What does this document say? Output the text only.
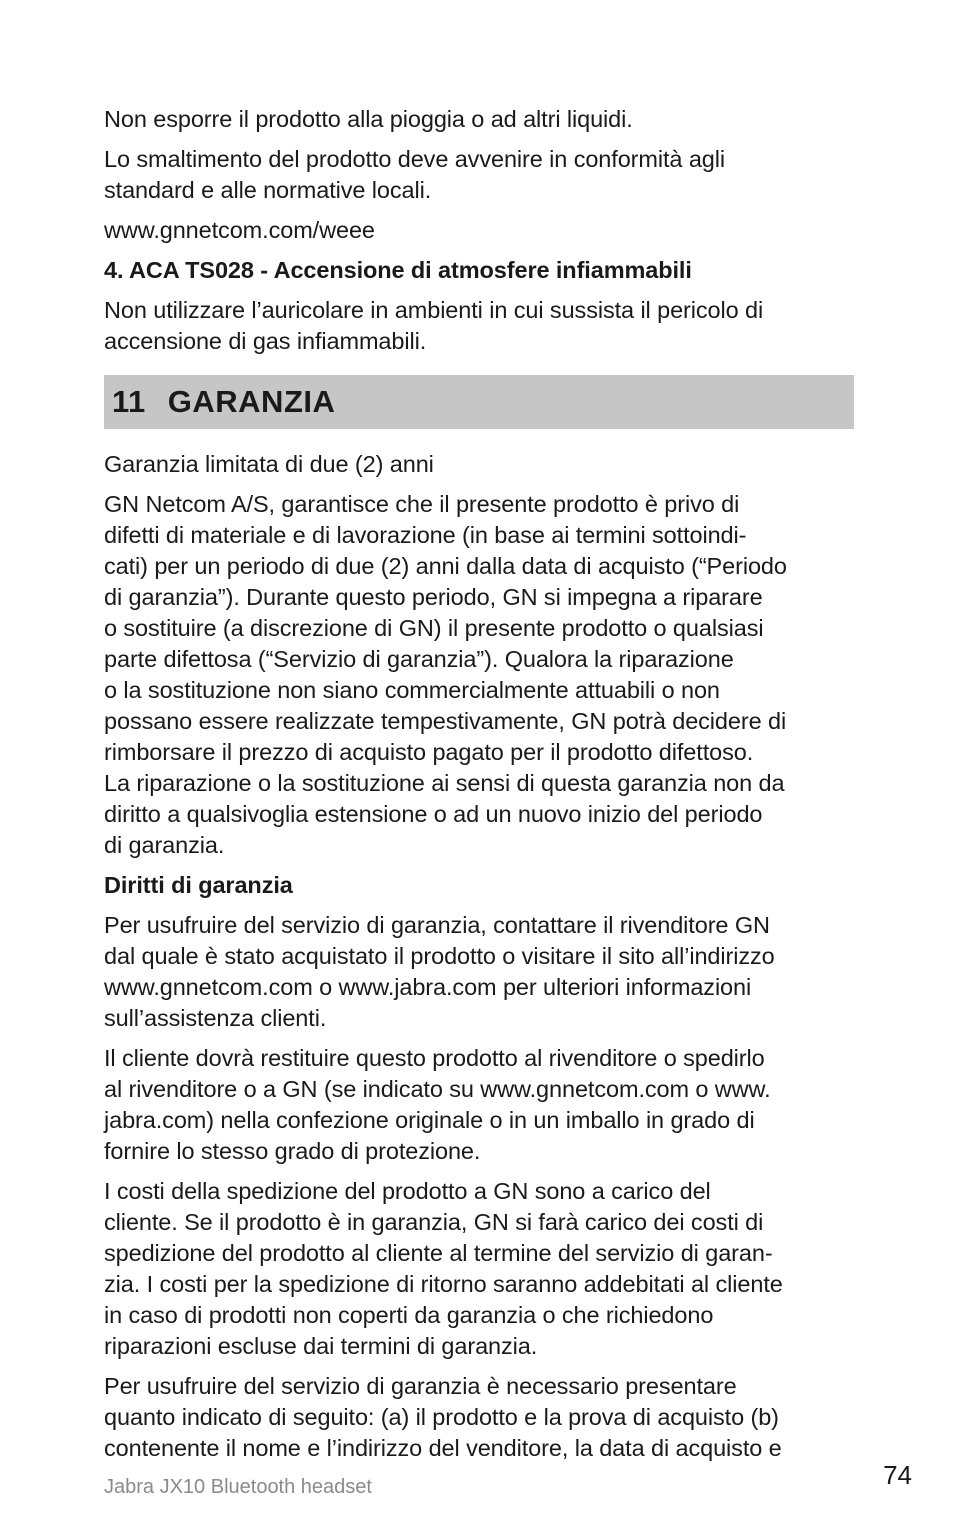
Non esporre il prodotto alla pioggia o ad altri liquidi.
Lo smaltimento del prodotto deve avvenire in conformità agli
standard e alle normative locali.
www.gnnetcom.com/weee
4. ACA TS028 - Accensione di atmosfere infiammabili
Non utilizzare l’auricolare in ambienti in cui sussista il pericolo di
accensione di gas infiammabili.
11 GARANZIA
Garanzia limitata di due (2) anni
GN Netcom A/S, garantisce che il presente prodotto è privo di
difetti di materiale e di lavorazione (in base ai termini sottoindi-
cati) per un periodo di due (2) anni dalla data di acquisto (“Periodo
di garanzia”). Durante questo periodo, GN si impegna a riparare
o sostituire (a discrezione di GN) il presente prodotto o qualsiasi
parte difettosa (“Servizio di garanzia”). Qualora la riparazione
o la sostituzione non siano commercialmente attuabili o non
possano essere realizzate tempestivamente, GN potrà decidere di
rimborsare il prezzo di acquisto pagato per il prodotto difettoso.
La riparazione o la sostituzione ai sensi di questa garanzia non da
diritto a qualsivoglia estensione o ad un nuovo inizio del periodo
di garanzia.
Diritti di garanzia
Per usufruire del servizio di garanzia, contattare il rivenditore GN
dal quale è stato acquistato il prodotto o visitare il sito all’indirizzo
www.gnnetcom.com o www.jabra.com per ulteriori informazioni
sull’assistenza clienti.
Il cliente dovrà restituire questo prodotto al rivenditore o spedirlo
al rivenditore o a GN (se indicato su www.gnnetcom.com o www.
jabra.com) nella confezione originale o in un imballo in grado di
fornire lo stesso grado di protezione.
I costi della spedizione del prodotto a GN sono a carico del
cliente. Se il prodotto è in garanzia, GN si farà carico dei costi di
spedizione del prodotto al cliente al termine del servizio di garan-
zia. I costi per la spedizione di ritorno saranno addebitati al cliente
in caso di prodotti non coperti da garanzia o che richiedono
riparazioni escluse dai termini di garanzia.
Per usufruire del servizio di garanzia è necessario presentare
quanto indicato di seguito: (a) il prodotto e la prova di acquisto (b)
contenente il nome e l’indirizzo del venditore, la data di acquisto e
Jabra JX10 Bluetooth headset	74
